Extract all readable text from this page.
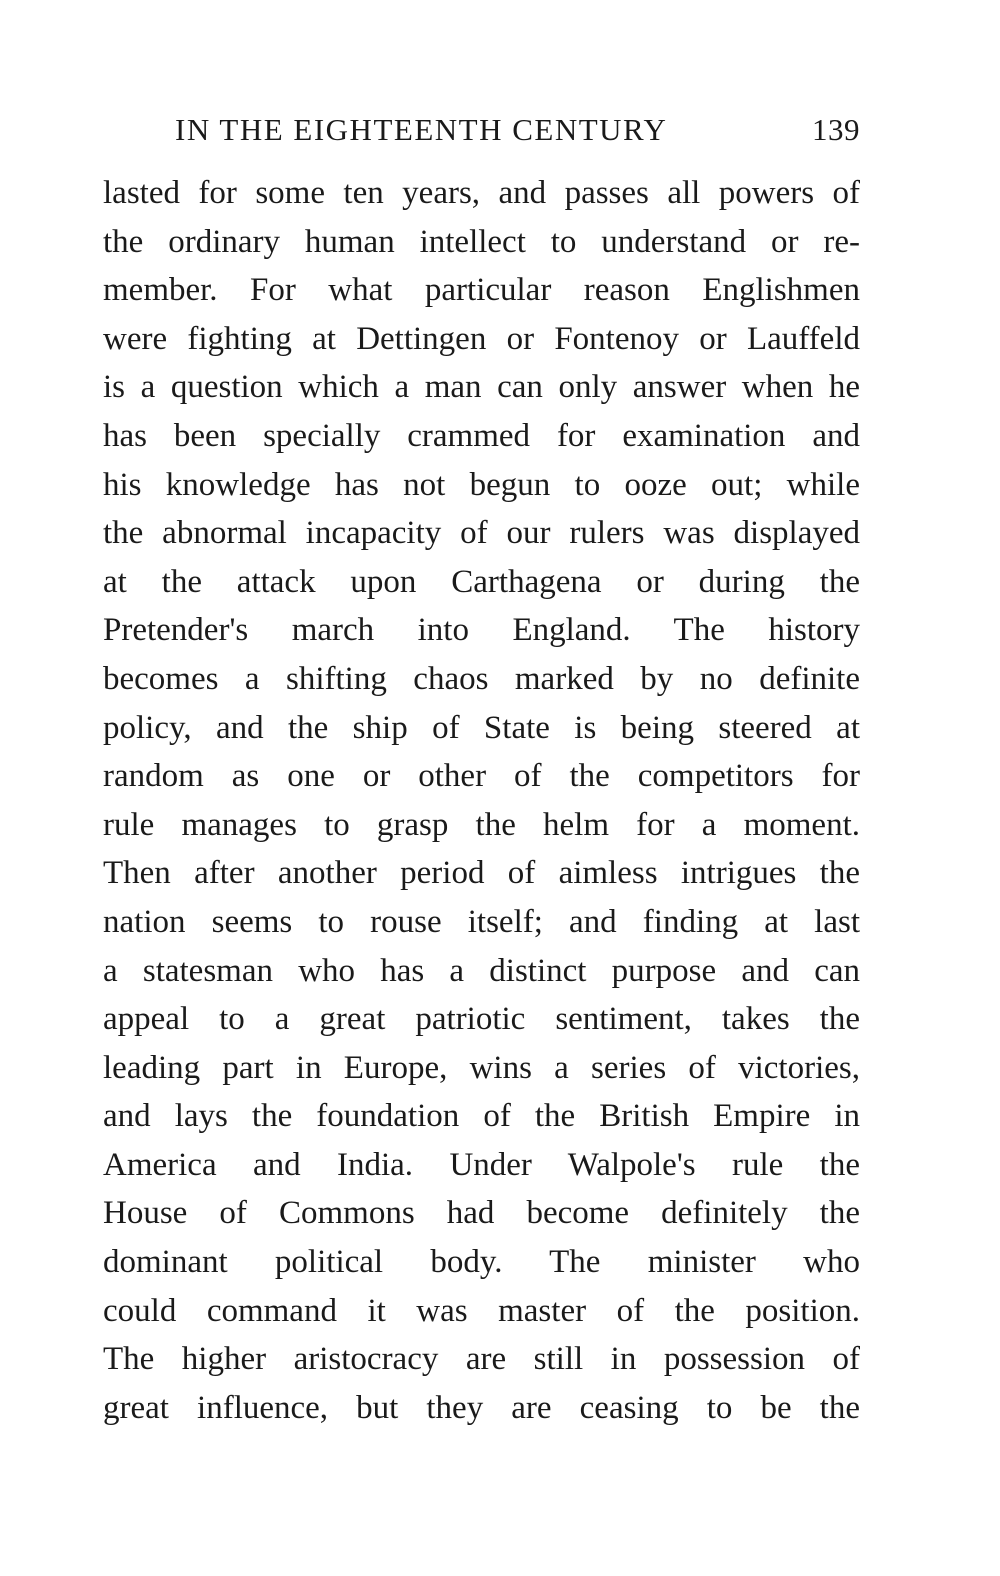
IN THE EIGHTEENTH CENTURY	139
lasted for some ten years, and passes all powers of
the ordinary human intellect to understand or re-
member. For what particular reason Englishmen
were fighting at Dettingen or Fontenoy or Lauffeld
is a question which a man can only answer when he
has been specially crammed for examination and
his knowledge has not begun to ooze out; while
the abnormal incapacity of our rulers was displayed
at the attack upon Carthagena or during the
Pretender's march into England. The history
becomes a shifting chaos marked by no definite
policy, and the ship of State is being steered at
random as one or other of the competitors for
rule manages to grasp the helm for a moment.
Then after another period of aimless intrigues the
nation seems to rouse itself; and finding at last
a statesman who has a distinct purpose and can
appeal to a great patriotic sentiment, takes the
leading part in Europe, wins a series of victories,
and lays the foundation of the British Empire in
America and India. Under Walpole's rule the
House of Commons had become definitely the
dominant political body. The minister who
could command it was master of the position.
The higher aristocracy are still in possession of
great influence, but they are ceasing to be the
